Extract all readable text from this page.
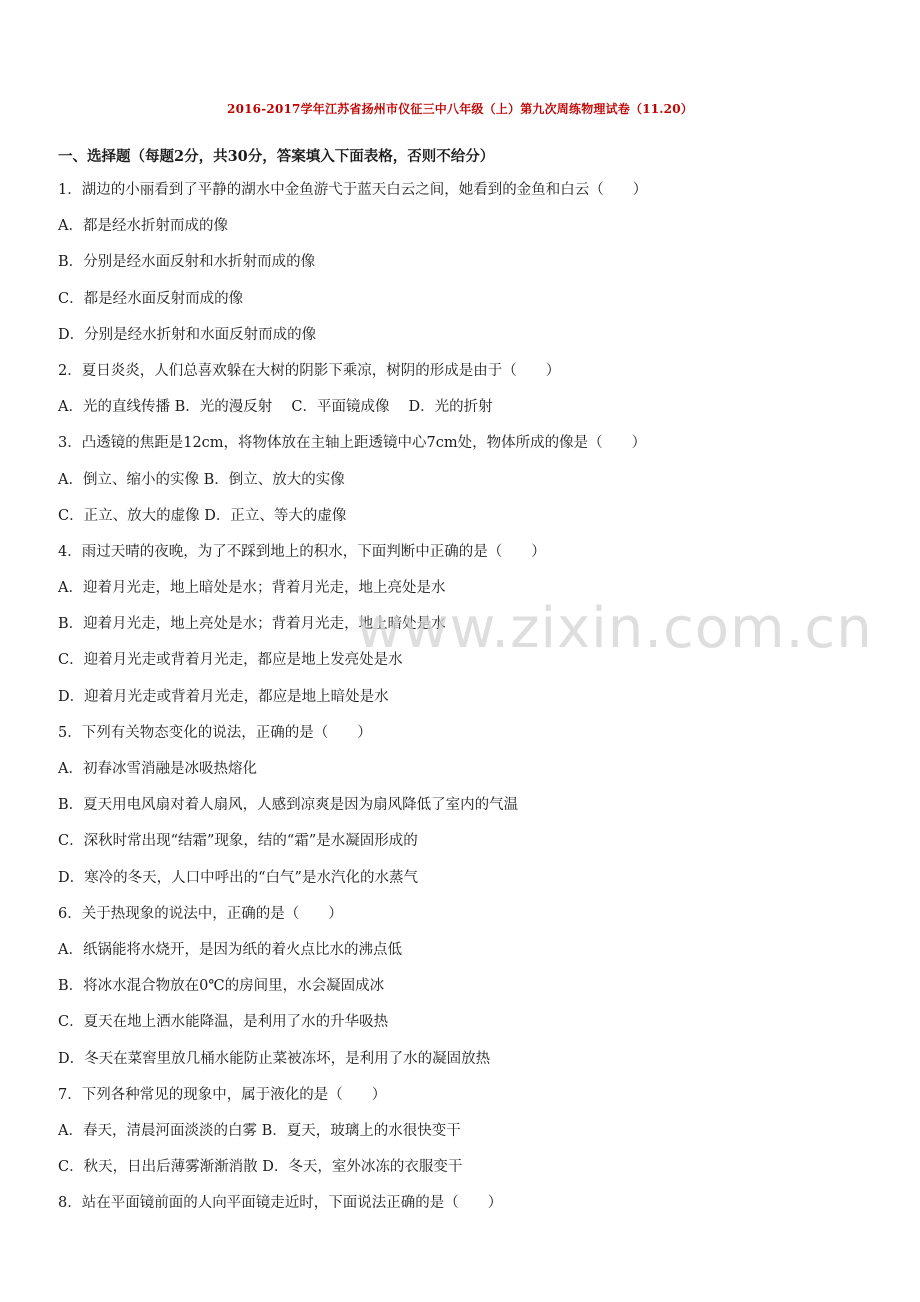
2016-2017学年江苏省扬州市仪征三中八年级（上）第九次周练物理试卷（11.20）
一、选择题（每题2分，共30分，答案填入下面表格，否则不给分）
1．湖边的小丽看到了平静的湖水中金鱼游弋于蓝天白云之间，她看到的金鱼和白云（　　）
A．都是经水折射而成的像
B．分别是经水面反射和水折射而成的像
C．都是经水面反射而成的像
D．分别是经水折射和水面反射而成的像
2．夏日炎炎，人们总喜欢躲在大树的阴影下乘凉，树阴的形成是由于（　　）
A．光的直线传播 B．光的漫反射　 C．平面镜成像　 D．光的折射
3．凸透镜的焦距是12cm，将物体放在主轴上距透镜中心7cm处，物体所成的像是（　　）
A．倒立、缩小的实像 B．倒立、放大的实像
C．正立、放大的虚像 D．正立、等大的虚像
4．雨过天晴的夜晚，为了不踩到地上的积水，下面判断中正确的是（　　）
A．迎着月光走，地上暗处是水；背着月光走，地上亮处是水
B．迎着月光走，地上亮处是水；背着月光走，地上暗处是水
C．迎着月光走或背着月光走，都应是地上发亮处是水
D．迎着月光走或背着月光走，都应是地上暗处是水
5．下列有关物态变化的说法，正确的是（　　）
A．初春冰雪消融是冰吸热熔化
B．夏天用电风扇对着人扇风，人感到凉爽是因为扇风降低了室内的气温
C．深秋时常出现“结霜”现象，结的“霜”是水凝固形成的
D．寒冷的冬天，人口中呼出的“白气”是水汽化的水蒸气
6．关于热现象的说法中，正确的是（　　）
A．纸锅能将水烧开，是因为纸的着火点比水的沸点低
B．将冰水混合物放在0℃的房间里，水会凝固成冰
C．夏天在地上洒水能降温，是利用了水的升华吸热
D．冬天在菜窖里放几桶水能防止菜被冻坏，是利用了水的凝固放热
7．下列各种常见的现象中，属于液化的是（　　）
A．春天，清晨河面淡淡的白雾 B．夏天，玻璃上的水很快变干
C．秋天，日出后薄雾渐渐消散 D．冬天，室外冰冻的衣服变干
8．站在平面镜前面的人向平面镜走近时，下面说法正确的是（　　）
www.zixin.com.cn
